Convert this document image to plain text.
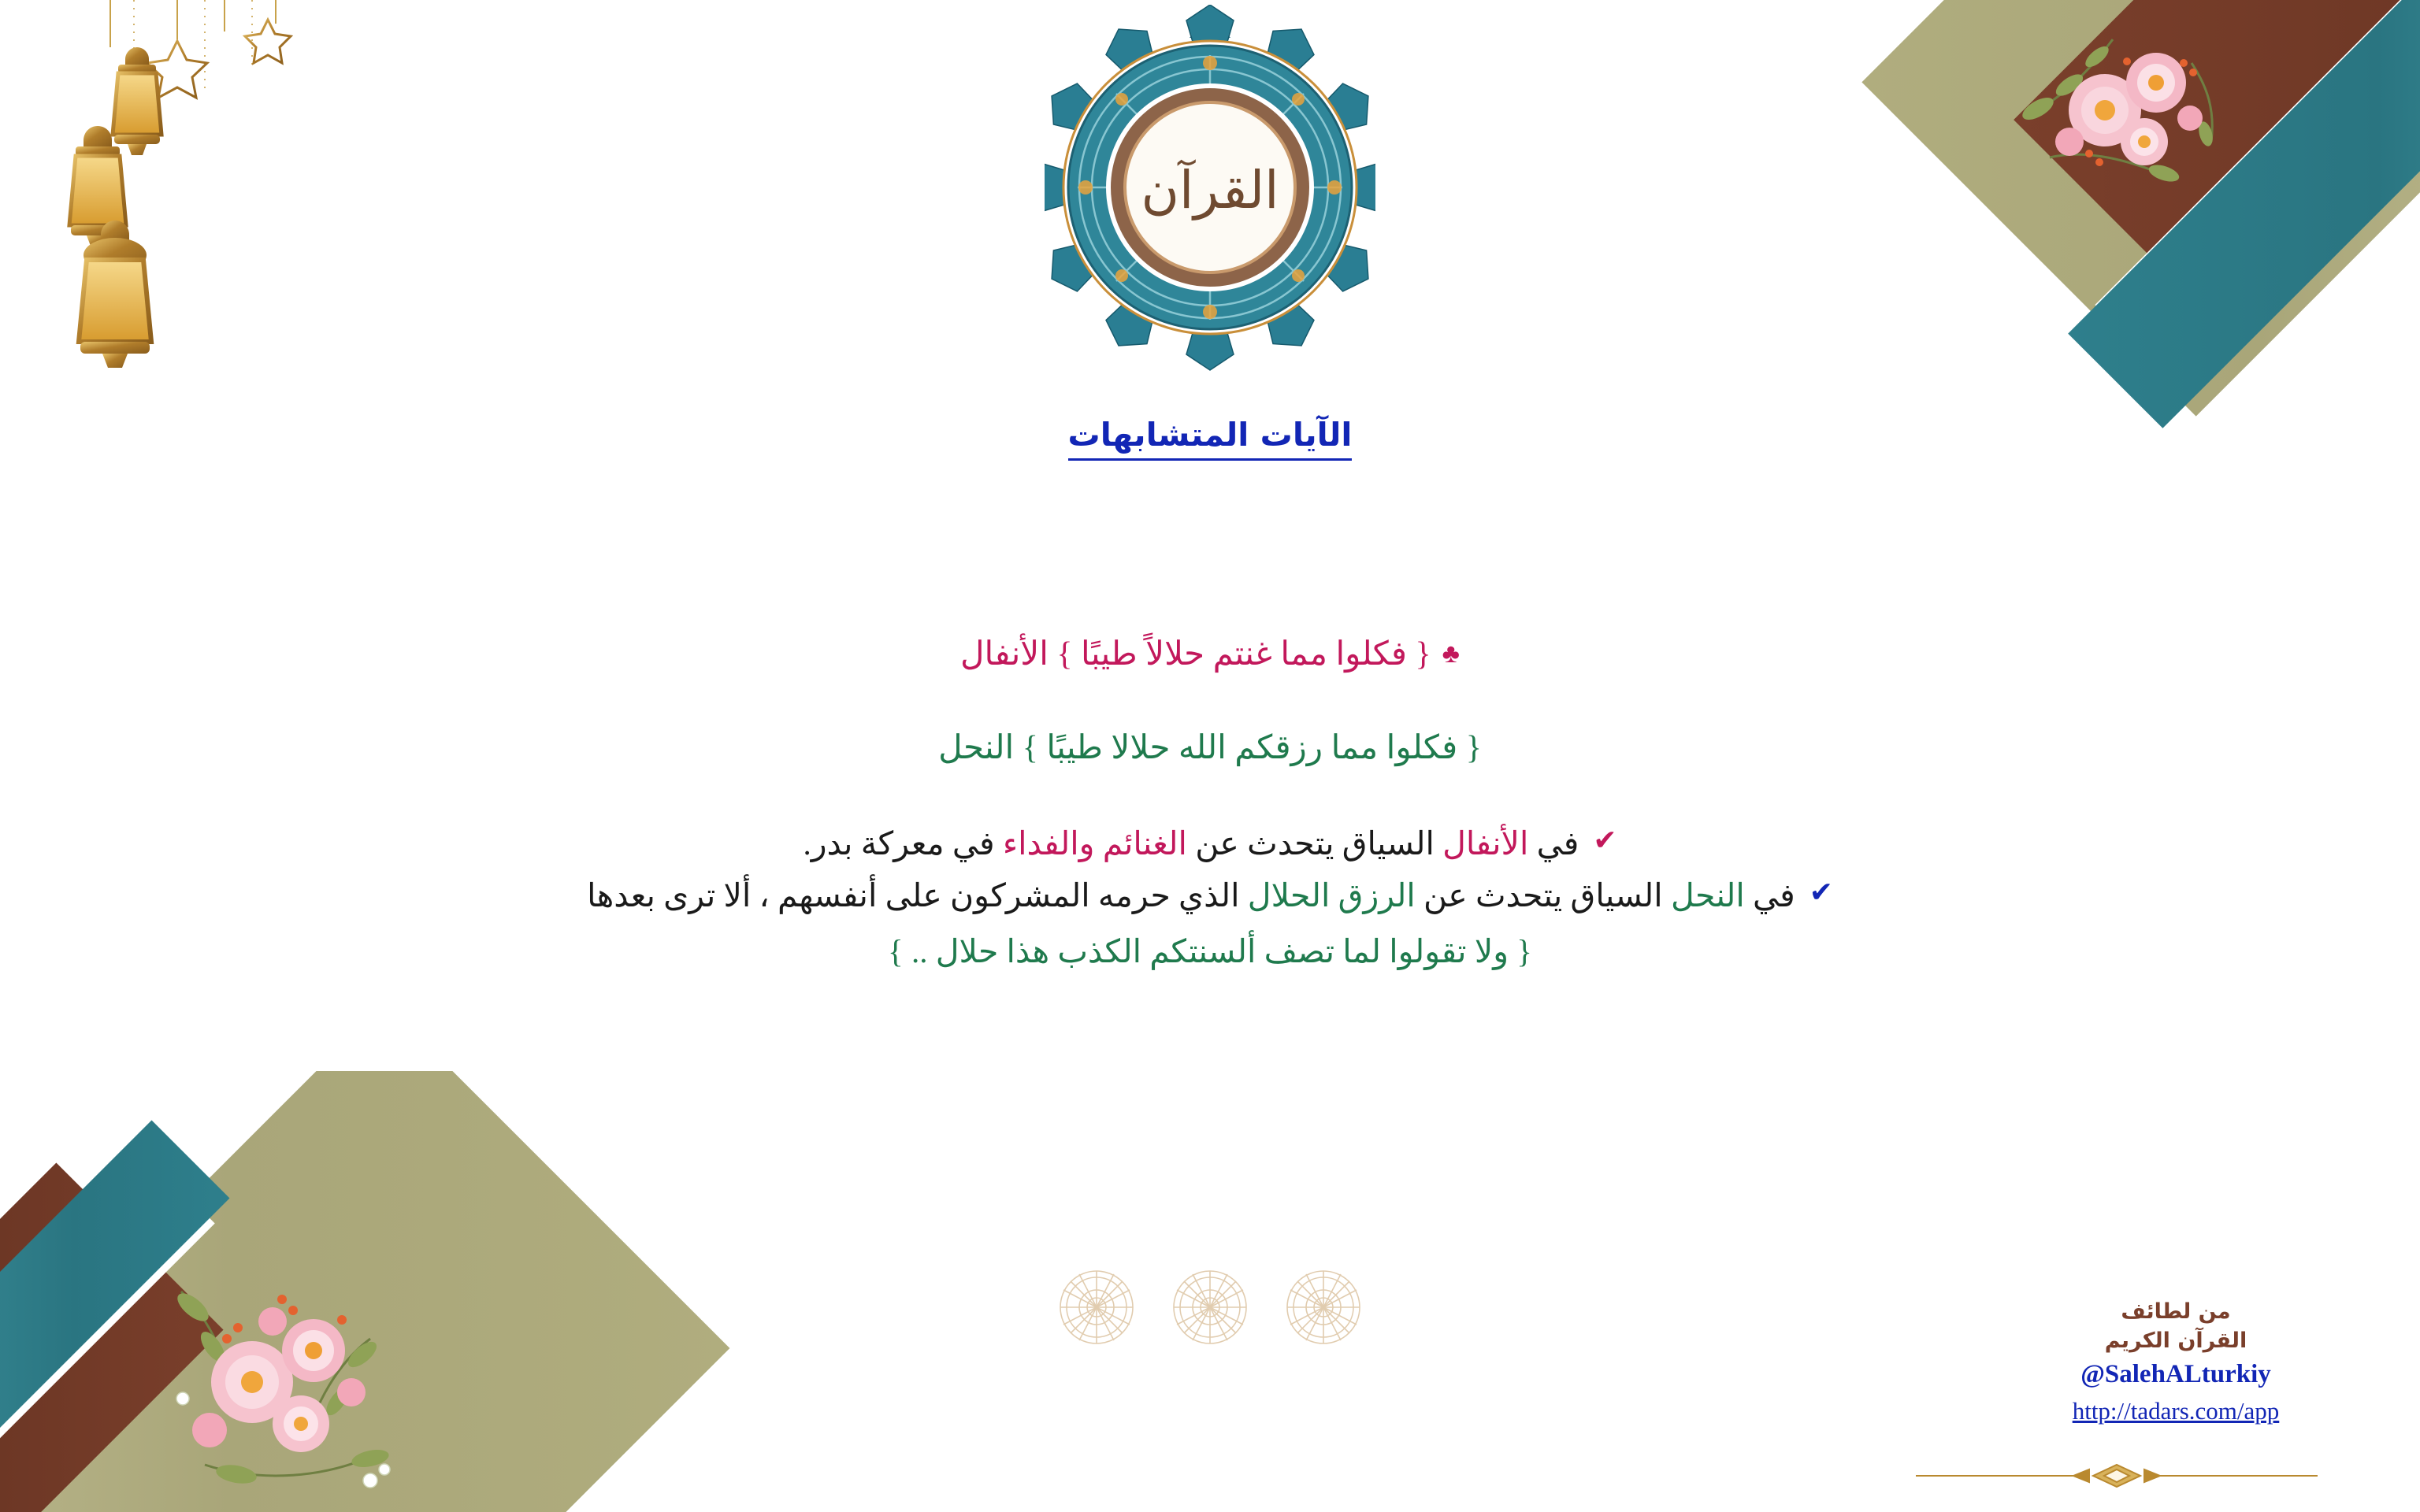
القرآن
الآيات المتشابهات
♣{ فكلوا مما غنتم حلالاً طيبًا } الأنفال
{ فكلوا مما رزقكم الله حلالا طيبًا } النحل
✔
في الأنفال السياق يتحدث عن الغنائم والفداء في معركة بدر.
✔
في النحل السياق يتحدث عن الرزق الحلال الذي حرمه المشركون على أنفسهم ، ألا ترى بعدها
{ ولا تقولوا لما تصف ألسنتكم الكذب هذا حلال .. }
من لطائف
القرآن الكريم
@SalehALturkiy
http://tadars.com/app
